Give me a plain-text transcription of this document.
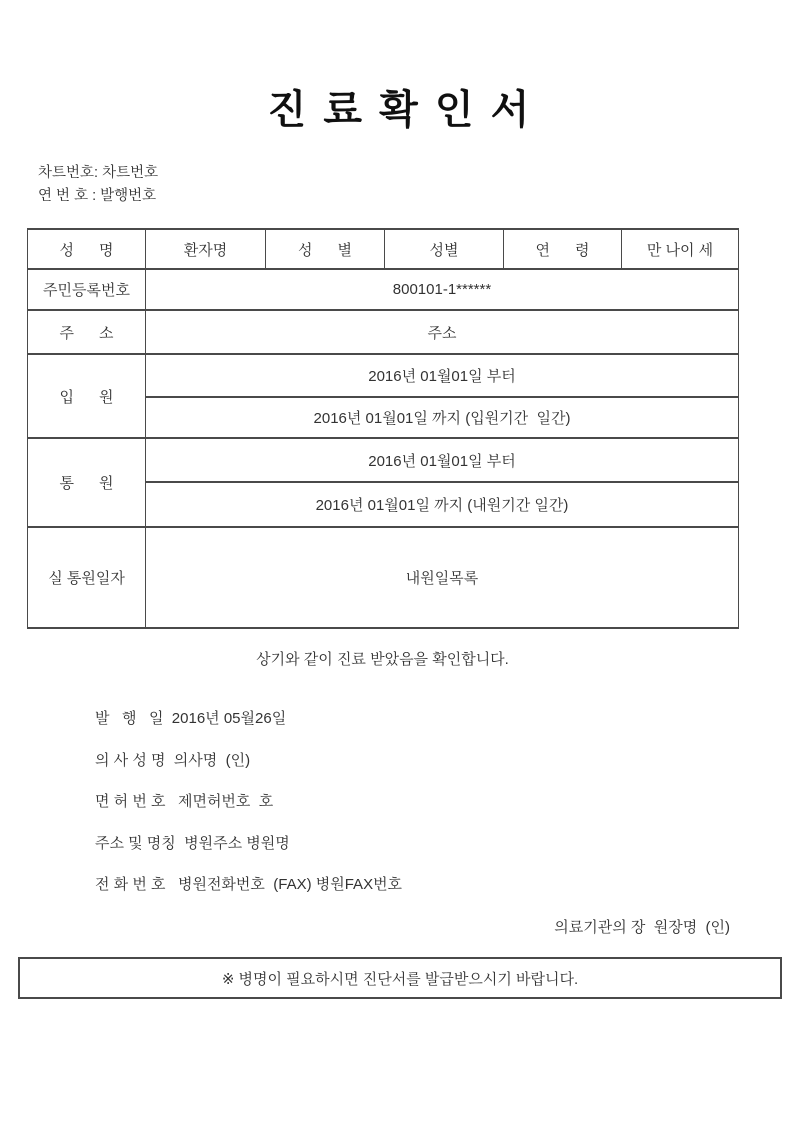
진 료 확 인 서
차트번호: 차트번호
연 번 호 : 발행번호
성      명	환자명	성      별	성별	연      령	만 나이 세
주민등록번호	800101-1******				
주      소	주소				
입      원	2016년 01월01일 부터				
	2016년 01월01일 까지 (입원기간  일간)				
통      원	2016년 01월01일 부터				
	2016년 01월01일 까지 (내원기간 일간)				
실 통원일자	내원일목록				
상기와 같이 진료 받았음을 확인합니다.
발   행   일  2016년 05월26일
의 사 성 명  의사명  (인)
면 허 번 호   제면허번호  호
주소 및 명칭  병원주소 병원명
전 화 번 호   병원전화번호  (FAX) 병원FAX번호
의료기관의 장  원장명  (인)
※ 병명이 필요하시면 진단서를 발급받으시기 바랍니다.
